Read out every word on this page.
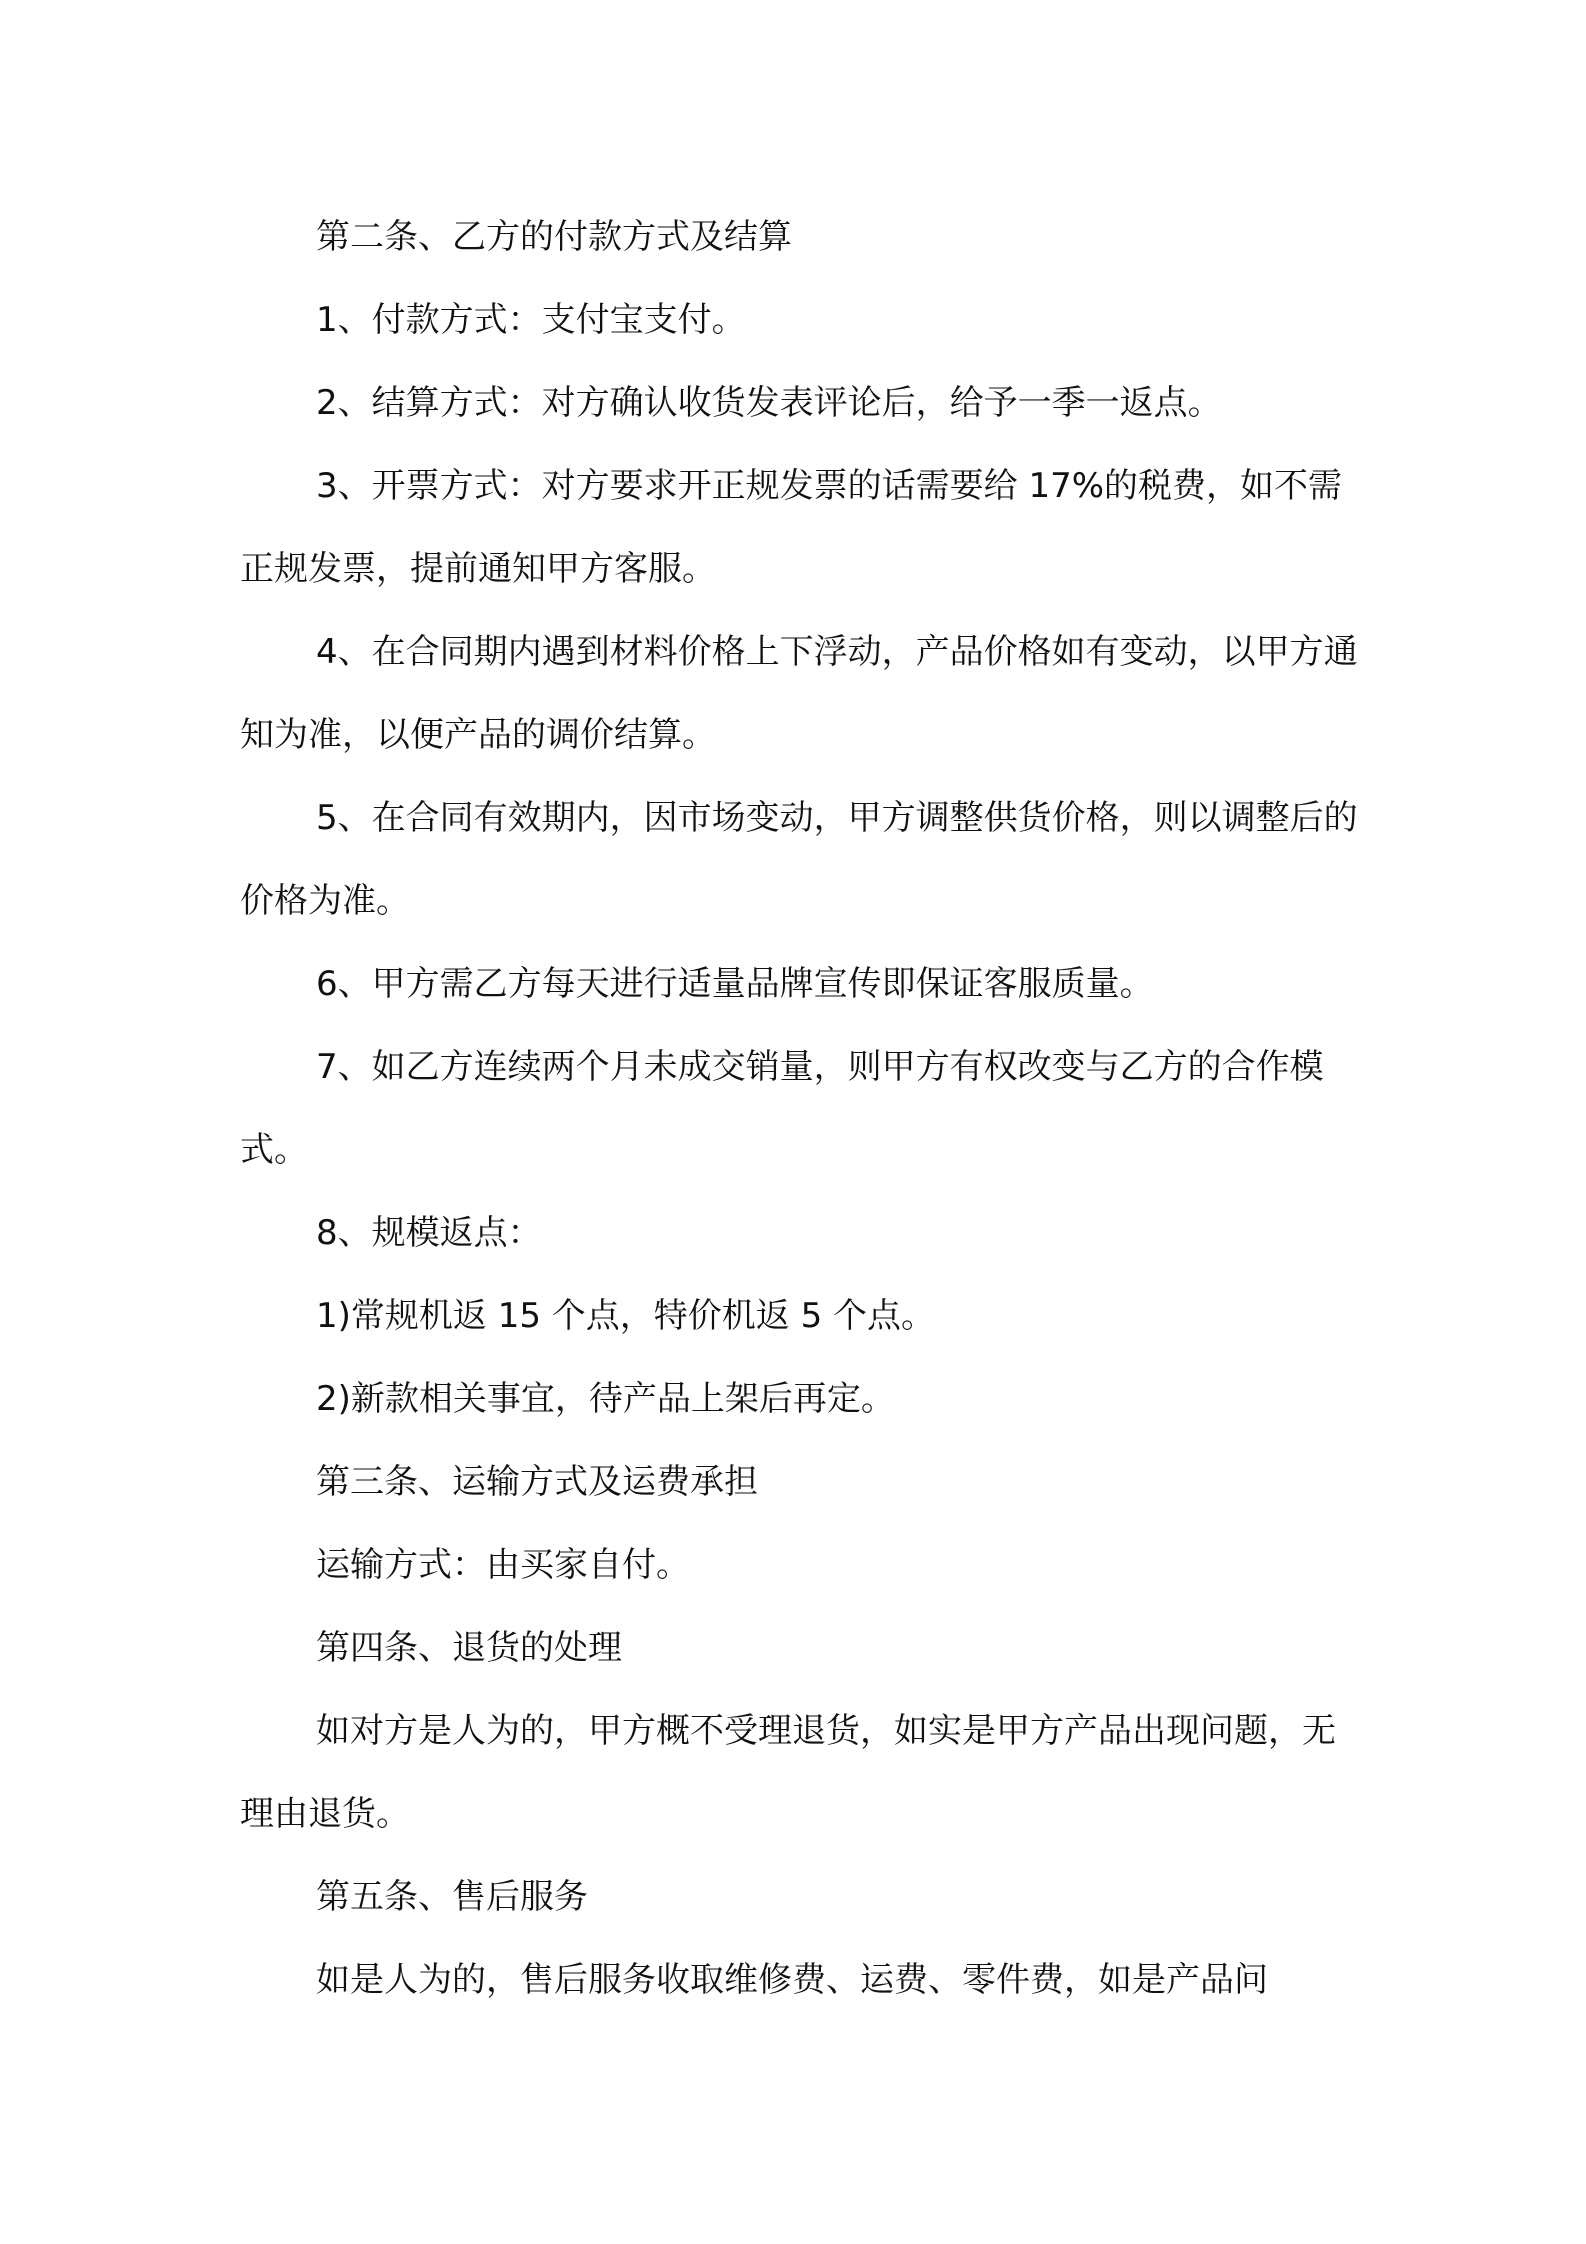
第二条、乙方的付款方式及结算

1、付款方式：支付宝支付。

2、结算方式：对方确认收货发表评论后，给予一季一返点。

3、开票方式：对方要求开正规发票的话需要给 17%的税费，如不需正规发票，提前通知甲方客服。

4、在合同期内遇到材料价格上下浮动，产品价格如有变动，以甲方通知为准，以便产品的调价结算。

5、在合同有效期内，因市场变动，甲方调整供货价格，则以调整后的价格为准。

6、甲方需乙方每天进行适量品牌宣传即保证客服质量。

7、如乙方连续两个月未成交销量，则甲方有权改变与乙方的合作模式。

8、规模返点：

1)常规机返 15 个点，特价机返 5 个点。

2)新款相关事宜，待产品上架后再定。

第三条、运输方式及运费承担

运输方式：由买家自付。

第四条、退货的处理

如对方是人为的，甲方概不受理退货，如实是甲方产品出现问题，无理由退货。

第五条、售后服务

如是人为的，售后服务收取维修费、运费、零件费，如是产品问
